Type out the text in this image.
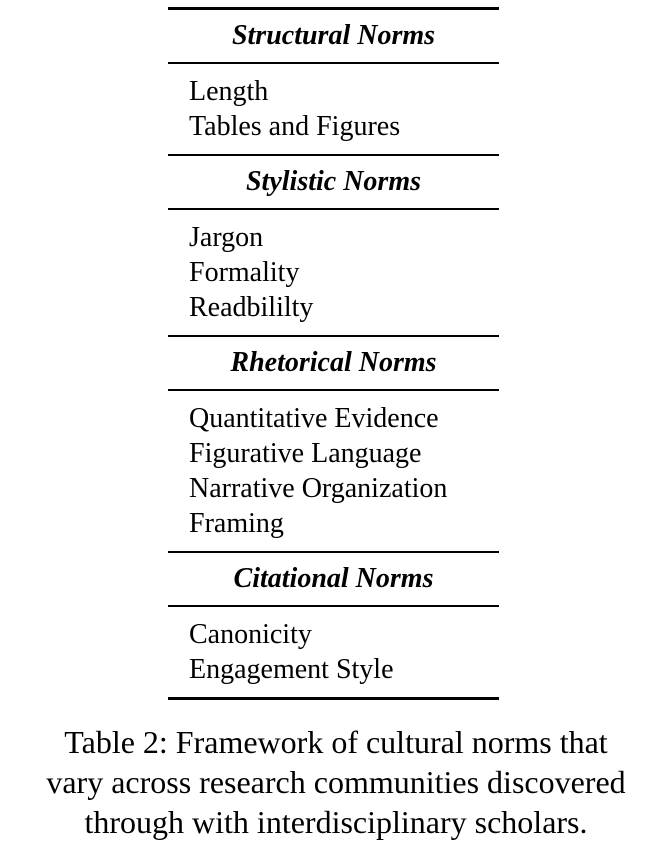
Structural Norms
Length
Tables and Figures
Stylistic Norms
Jargon
Formality
Readbililty
Rhetorical Norms
Quantitative Evidence
Figurative Language
Narrative Organization
Framing
Citational Norms
Canonicity
Engagement Style
Table 2: Framework of cultural norms that
vary across research communities discovered
through with interdisciplinary scholars.
